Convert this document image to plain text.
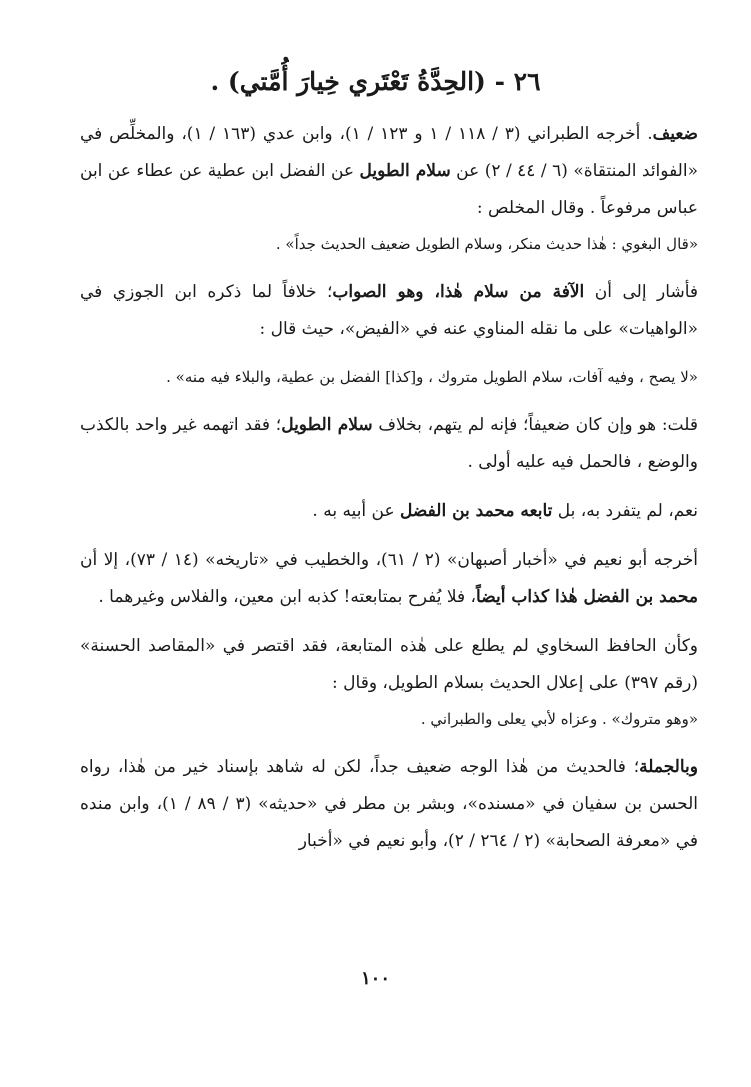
٢٦ - (الحِدَّةُ تَعْتَري خِيارَ أُمَّتي) .

ضعيف. أخرجه الطبراني (٣ / ١١٨ / ١ و ١٢٣ / ١)، وابن عدي (١٦٣ / ١)، والمخلِّص في «الفوائد المنتقاة» (٦ / ٤٤ / ٢) عن سلام الطويل عن الفضل ابن عطية عن عطاء عن ابن عباس مرفوعاً . وقال المخلص :

«قال البغوي : هٰذا حديث منكر، وسلام الطويل ضعيف الحديث جداً» .

فأشار إلى أن الآفة من سلام هٰذا، وهو الصواب؛ خلافاً لما ذكره ابن الجوزي في «الواهيات» على ما نقله المناوي عنه في «الفيض»، حيث قال :

«لا يصح ، وفيه آفات، سلام الطويل متروك ، و[كذا] الفضل بن عطية، والبلاء فيه منه» .

قلت: هو وإن كان ضعيفاً؛ فإنه لم يتهم، بخلاف سلام الطويل؛ فقد اتهمه غير واحد بالكذب والوضع ، فالحمل فيه عليه أولى .

نعم، لم يتفرد به، بل تابعه محمد بن الفضل عن أبيه به .

أخرجه أبو نعيم في «أخبار أصبهان» (٢ / ٦١)، والخطيب في «تاريخه» (١٤ / ٧٣)، إلا أن محمد بن الفضل هٰذا كذاب أيضاً، فلا يُفرح بمتابعته! كذبه ابن معين، والفلاس وغيرهما .

وكأن الحافظ السخاوي لم يطلع على هٰذه المتابعة، فقد اقتصر في «المقاصد الحسنة» (رقم ٣٩٧) على إعلال الحديث بسلام الطويل، وقال :

«وهو متروك» . وعزاه لأبي يعلى والطبراني .

وبالجملة؛ فالحديث من هٰذا الوجه ضعيف جداً، لكن له شاهد بإسناد خير من هٰذا، رواه الحسن بن سفيان في «مسنده»، وبشر بن مطر في «حديثه» (٣ / ٨٩ / ١)، وابن منده في «معرفة الصحابة» (٢ / ٢٦٤ / ٢)، وأبو نعيم في «أخبار

١٠٠
